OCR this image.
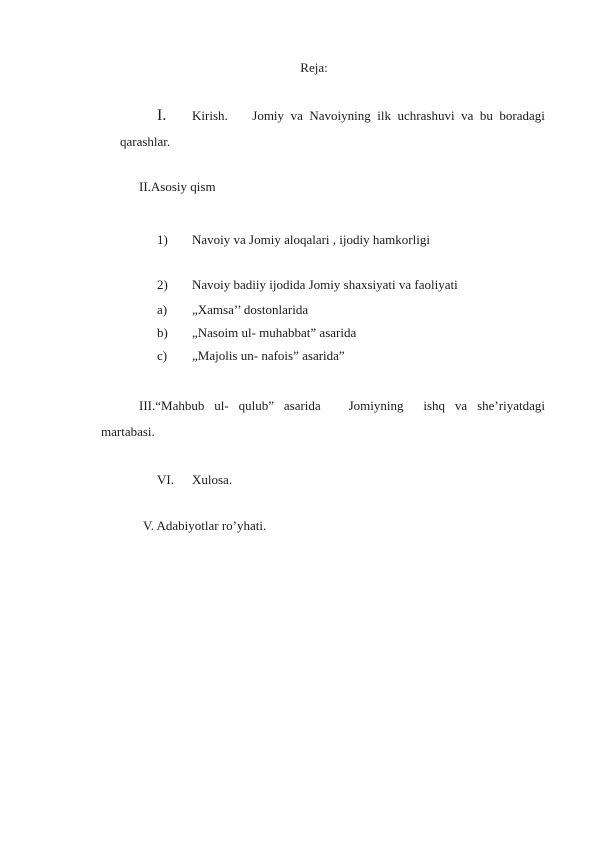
Reja:
I. Kirish. Jomiy va Navoiyning ilk uchrashuvi va bu boradagi
qarashlar.
II.Asosiy qism
1) Navoiy va Jomiy aloqalari , ijodiy hamkorligi
2) Navoiy badiiy ijodida Jomiy shaxsiyati va faoliyati
a) „Xamsa’’ dostonlarida
b) „Nasoim ul- muhabbat” asarida
c) „Majolis un- nafois” asarida”
III.“Mahbub ul- qulub” asarida Jomiyning ishq va she’riyatdagi
martabasi.
VI. Xulosa.
V. Adabiyotlar ro’yhati.
